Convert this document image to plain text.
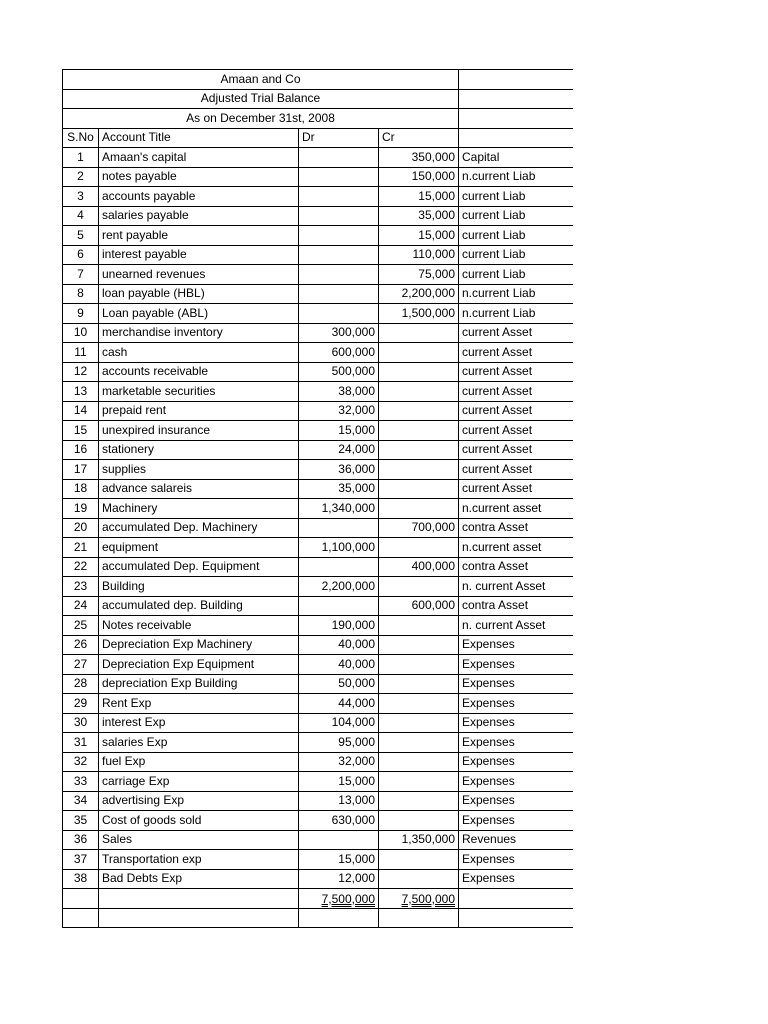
Amaan and Co				
Adjusted Trial Balance				
As on December 31st, 2008				
S.No	Account Title	Dr	Cr	
1	Amaan's capital		350,000	Capital
2	notes payable		150,000	n.current Liab
3	accounts payable		15,000	current Liab
4	salaries payable		35,000	current Liab
5	rent payable		15,000	current Liab
6	interest payable		110,000	current Liab
7	unearned revenues		75,000	current Liab
8	loan payable (HBL)		2,200,000	n.current Liab
9	Loan payable (ABL)		1,500,000	n.current Liab
10	merchandise inventory	300,000		current Asset
11	cash	600,000		current Asset
12	accounts receivable	500,000		current Asset
13	marketable securities	38,000		current Asset
14	prepaid rent	32,000		current Asset
15	unexpired insurance	15,000		current Asset
16	stationery	24,000		current Asset
17	supplies	36,000		current Asset
18	advance salareis	35,000		current Asset
19	Machinery	1,340,000		n.current asset
20	accumulated Dep. Machinery		700,000	contra Asset
21	equipment	1,100,000		n.current asset
22	accumulated Dep. Equipment		400,000	contra Asset
23	Building	2,200,000		n. current Asset
24	accumulated dep. Building		600,000	contra Asset
25	Notes receivable	190,000		n. current Asset
26	Depreciation Exp Machinery	40,000		Expenses
27	Depreciation Exp Equipment	40,000		Expenses
28	depreciation Exp Building	50,000		Expenses
29	Rent Exp	44,000		Expenses
30	interest Exp	104,000		Expenses
31	salaries Exp	95,000		Expenses
32	fuel Exp	32,000		Expenses
33	carriage Exp	15,000		Expenses
34	advertising Exp	13,000		Expenses
35	Cost of goods sold	630,000		Expenses
36	Sales		1,350,000	Revenues
37	Transportation exp	15,000		Expenses
38	Bad Debts Exp	12,000		Expenses
		7,500,000	7,500,000	
